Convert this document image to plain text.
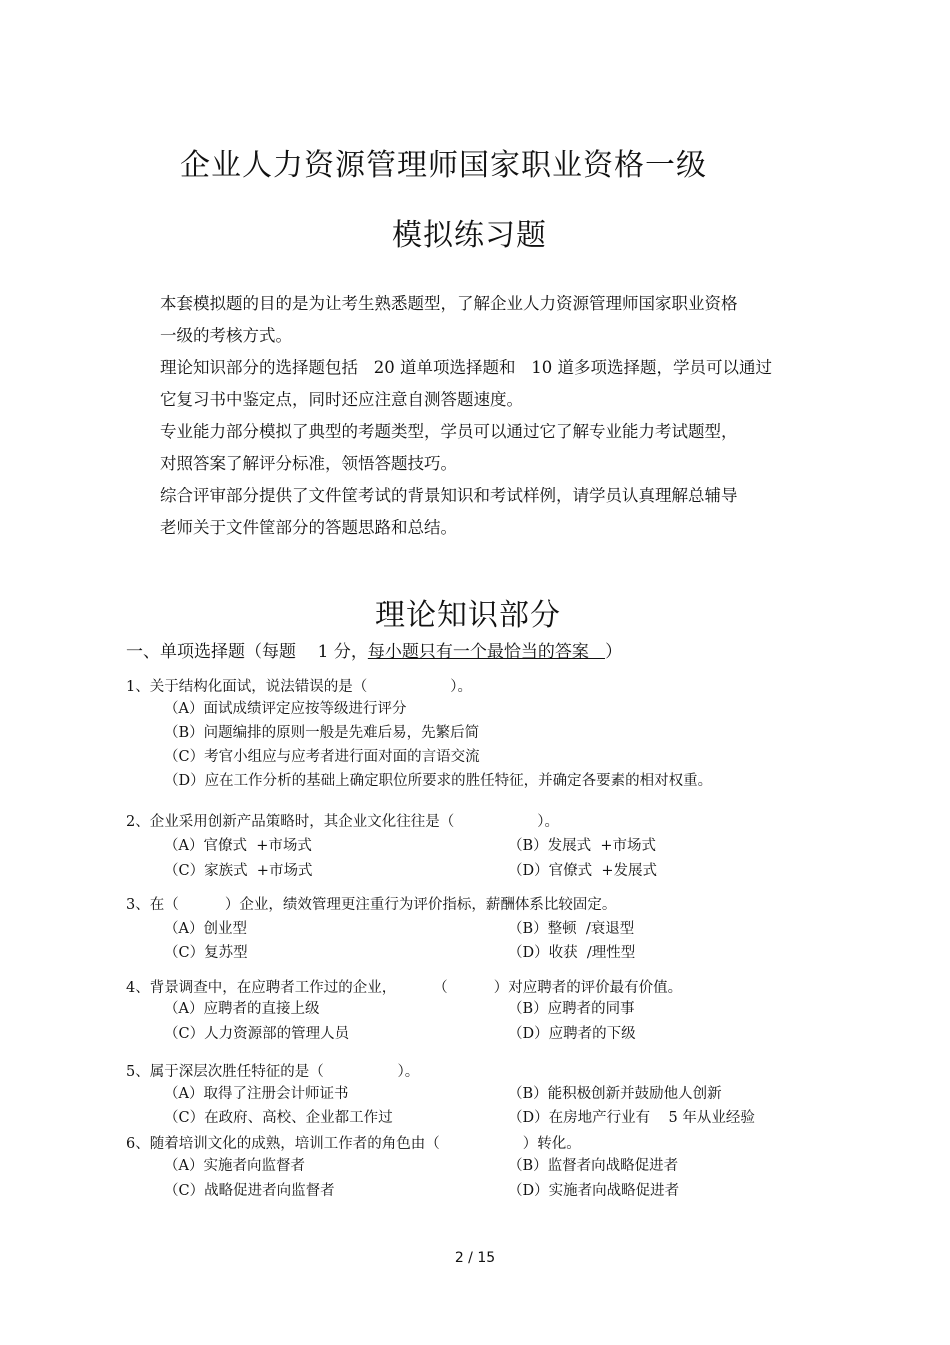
企业人力资源管理师国家职业资格一级
模拟练习题
本套模拟题的目的是为让考生熟悉题型，了解企业人力资源管理师国家职业资格
一级的考核方式。
理论知识部分的选择题包括   20 道单项选择题和   10 道多项选择题，学员可以通过
它复习书中鉴定点，同时还应注意自测答题速度。
专业能力部分模拟了典型的考题类型，学员可以通过它了解专业能力考试题型，
对照答案了解评分标准，领悟答题技巧。
综合评审部分提供了文件筐考试的背景知识和考试样例，请学员认真理解总辅导
老师关于文件筐部分的答题思路和总结。
理论知识部分
一、单项选择题（每题    1 分，每小题只有一个最恰当的答案   ）
1、关于结构化面试，说法错误的是（                  ）。
（A）面试成绩评定应按等级进行评分
（B）问题编排的原则一般是先难后易，先繁后简
（C）考官小组应与应考者进行面对面的言语交流
（D）应在工作分析的基础上确定职位所要求的胜任特征，并确定各要素的相对权重。
2、企业采用创新产品策略时，其企业文化往往是（                  ）。
（A）官僚式  +市场式	（B）发展式  +市场式
（C）家族式  +市场式	（D）官僚式  +发展式
3、在（          ）企业，绩效管理更注重行为评价指标，薪酬体系比较固定。
（A）创业型	（B）整顿  /衰退型
（C）复苏型	（D）收获  /理性型
4、背景调查中，在应聘者工作过的企业，        （          ）对应聘者的评价最有价值。
（A）应聘者的直接上级	（B）应聘者的同事
（C）人力资源部的管理人员	（D）应聘者的下级
5、属于深层次胜任特征的是（                ）。
（A）取得了注册会计师证书	（B）能积极创新并鼓励他人创新
（C）在政府、高校、企业都工作过	（D）在房地产行业有    5 年从业经验
6、随着培训文化的成熟，培训工作者的角色由（                  ）转化。
（A）实施者向监督者	（B）监督者向战略促进者
（C）战略促进者向监督者	（D）实施者向战略促进者
2 / 15
